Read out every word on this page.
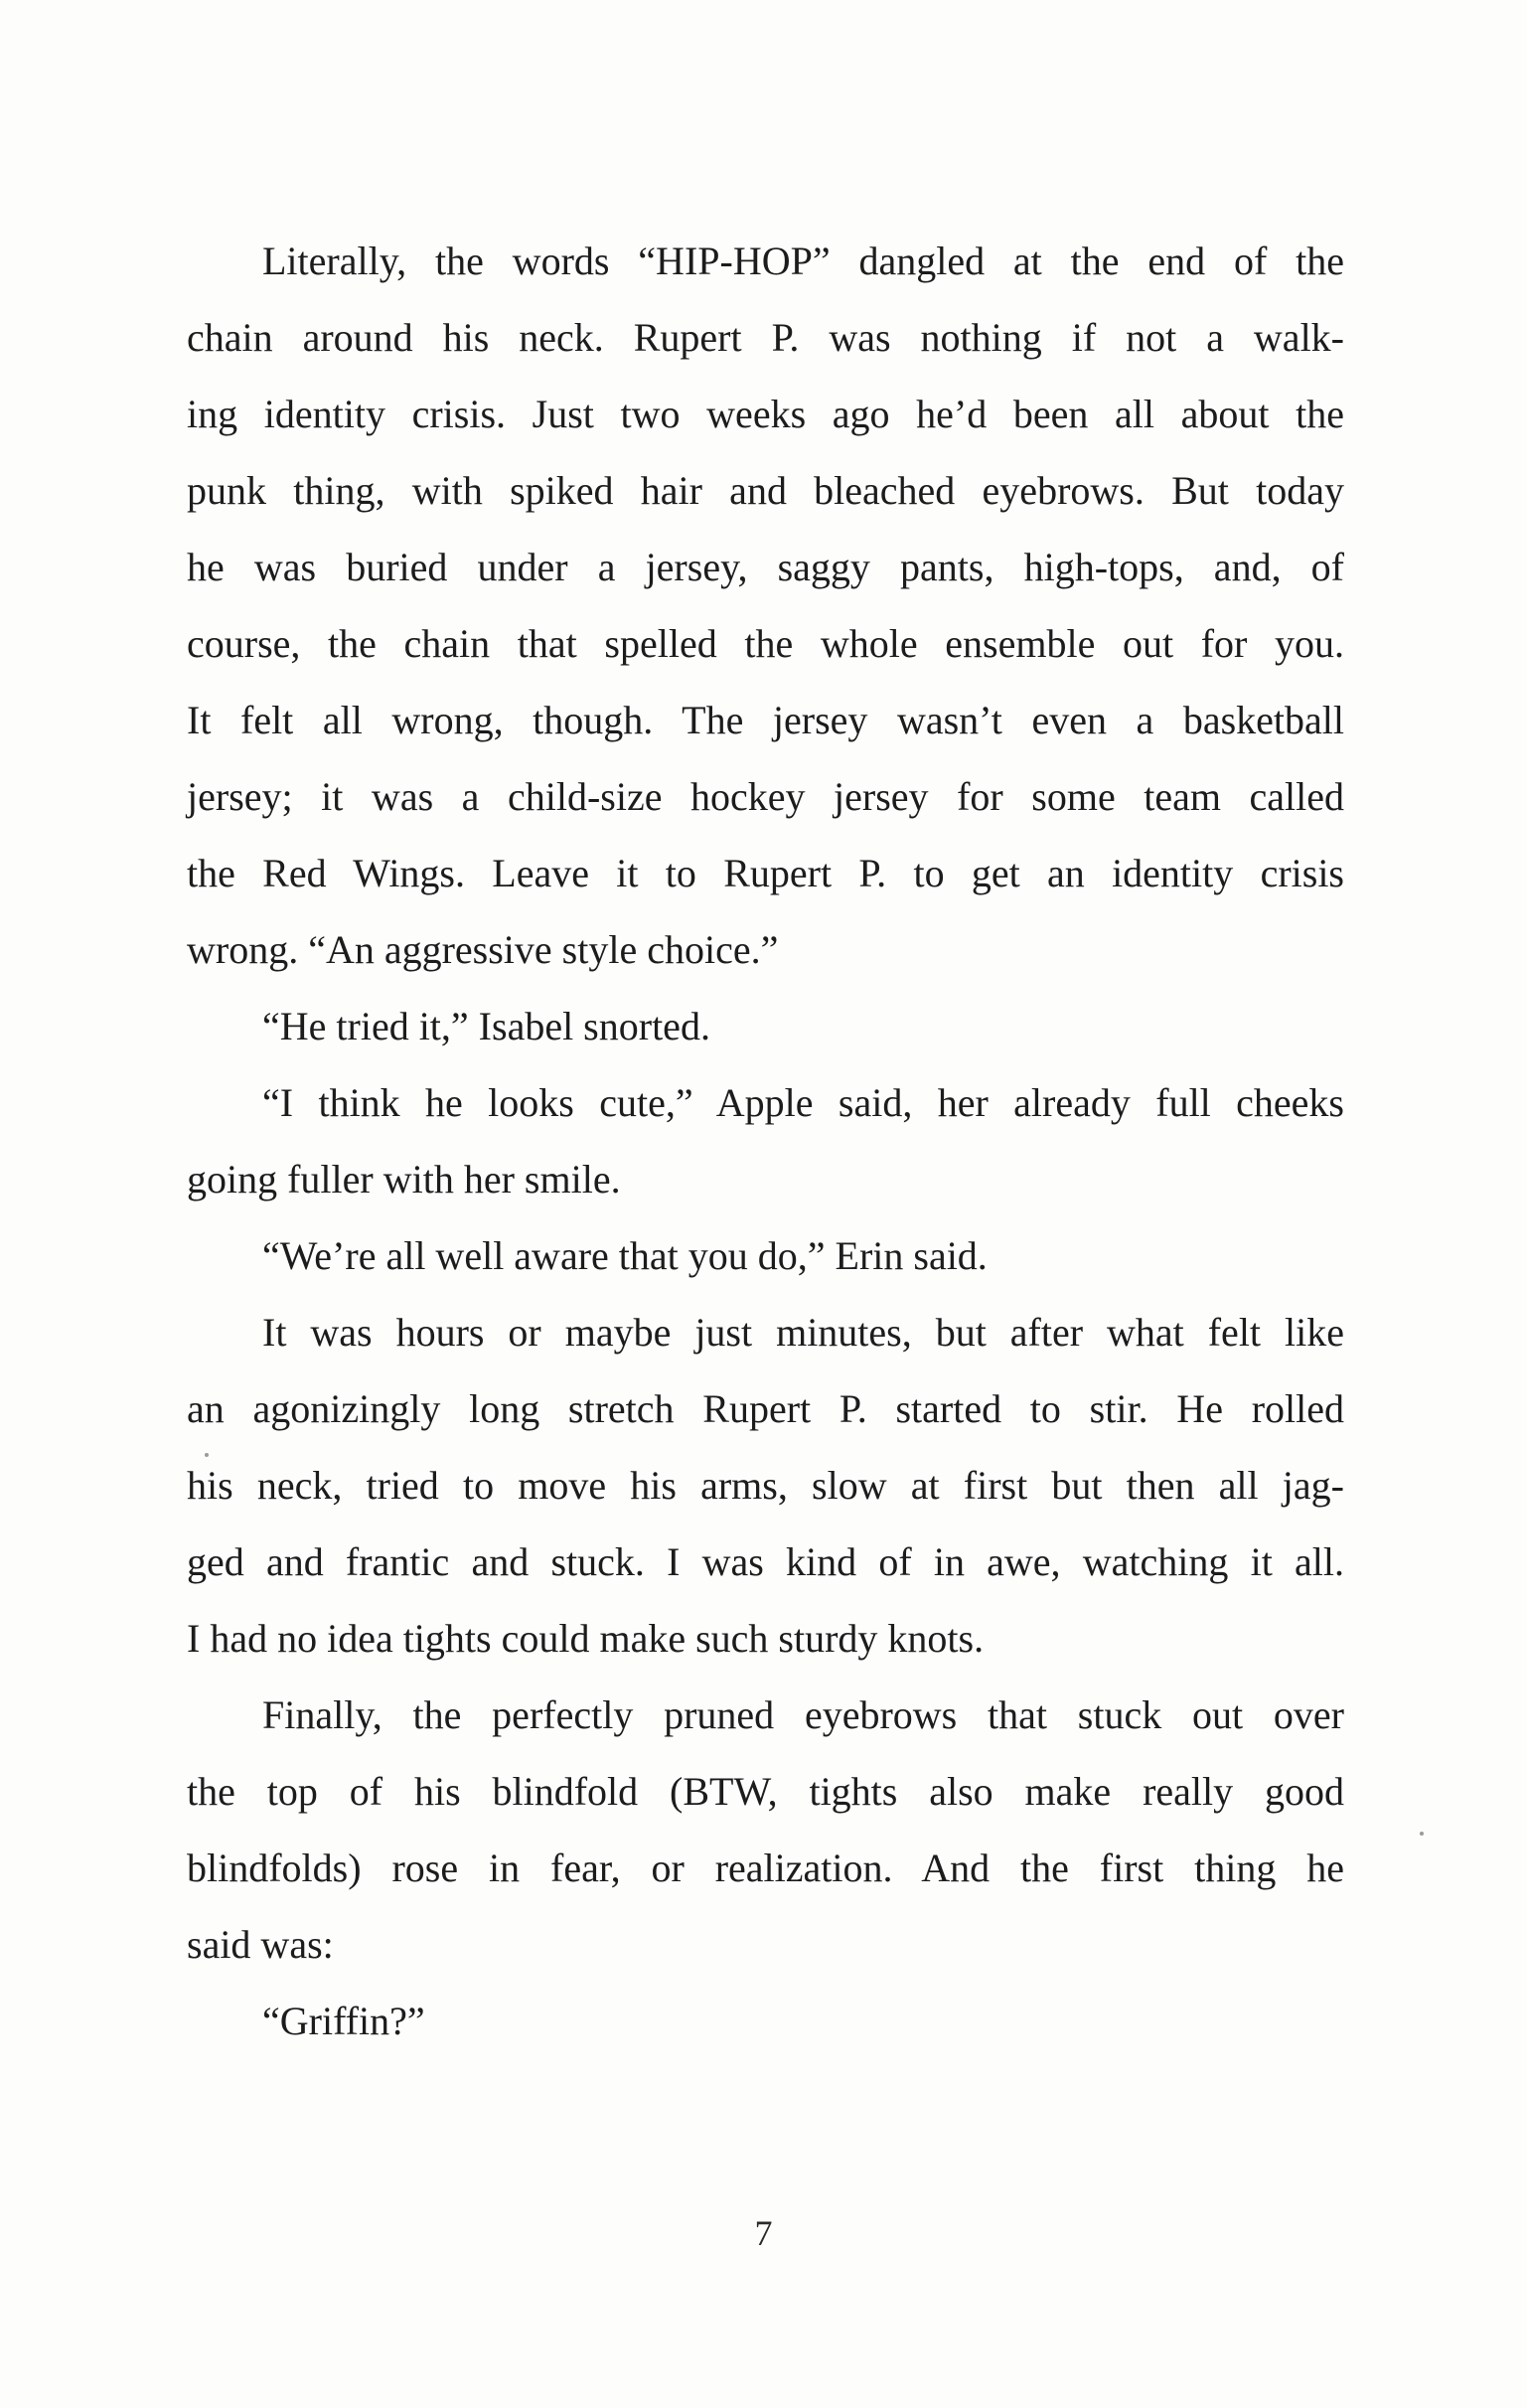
Literally, the words “HIP-HOP” dangled at the end of the
chain around his neck. Rupert P. was nothing if not a walk-
ing identity crisis. Just two weeks ago he’d been all about the
punk thing, with spiked hair and bleached eyebrows. But today
he was buried under a jersey, saggy pants, high-tops, and, of
course, the chain that spelled the whole ensemble out for you.
It felt all wrong, though. The jersey wasn’t even a basketball
jersey; it was a child-size hockey jersey for some team called
the Red Wings. Leave it to Rupert P. to get an identity crisis
wrong. “An aggressive style choice.”
“He tried it,” Isabel snorted.
“I think he looks cute,” Apple said, her already full cheeks
going fuller with her smile.
“We’re all well aware that you do,” Erin said.
It was hours or maybe just minutes, but after what felt like
an agonizingly long stretch Rupert P. started to stir. He rolled
his neck, tried to move his arms, slow at first but then all jag-
ged and frantic and stuck. I was kind of in awe, watching it all.
I had no idea tights could make such sturdy knots.
Finally, the perfectly pruned eyebrows that stuck out over
the top of his blindfold (BTW, tights also make really good
blindfolds) rose in fear, or realization. And the first thing he
said was:
“Griffin?”
7
